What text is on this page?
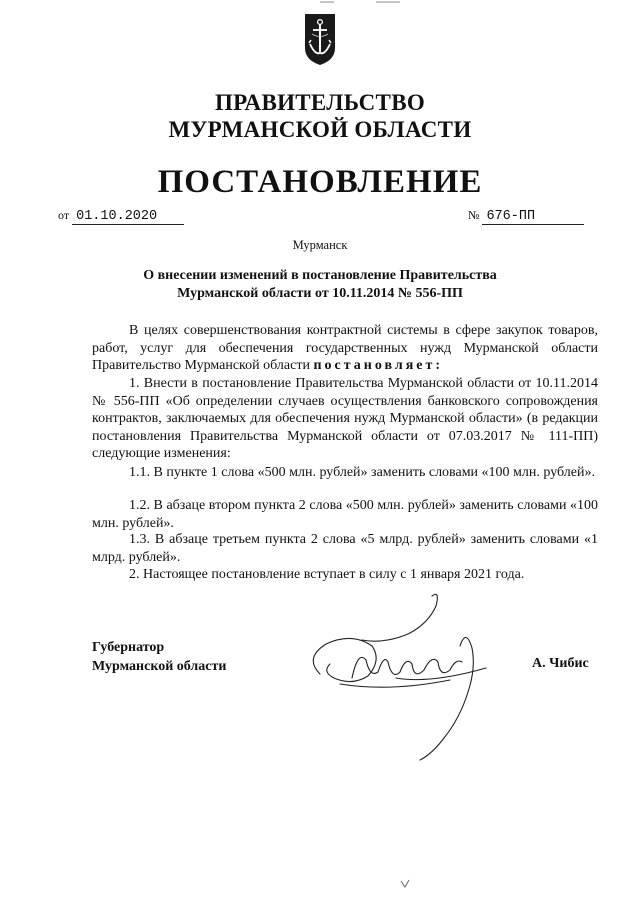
ПРАВИТЕЛЬСТВО
МУРМАНСКОЙ ОБЛАСТИ
ПОСТАНОВЛЕНИЕ
от 01.10.2020	№ 676-ПП
Мурманск
О внесении изменений в постановление Правительства Мурманской области от 10.11.2014 № 556-ПП
В целях совершенствования контрактной системы в сфере закупок товаров, работ, услуг для обеспечения государственных нужд Мурманской области Правительство Мурманской области постановляет:
1. Внести в постановление Правительства Мурманской области от 10.11.2014 № 556-ПП «Об определении случаев осуществления банковского сопровождения контрактов, заключаемых для обеспечения нужд Мурманской области» (в редакции постановления Правительства Мурманской области от 07.03.2017 № 111-ПП) следующие изменения:
1.1. В пункте 1 слова «500 млн. рублей» заменить словами «100 млн. рублей».
1.2. В абзаце втором пункта 2 слова «500 млн. рублей» заменить словами «100 млн. рублей».
1.3. В абзаце третьем пункта 2 слова «5 млрд. рублей» заменить словами «1 млрд. рублей».
2. Настоящее постановление вступает в силу с 1 января 2021 года.
Губернатор
Мурманской области	А. Чибис
